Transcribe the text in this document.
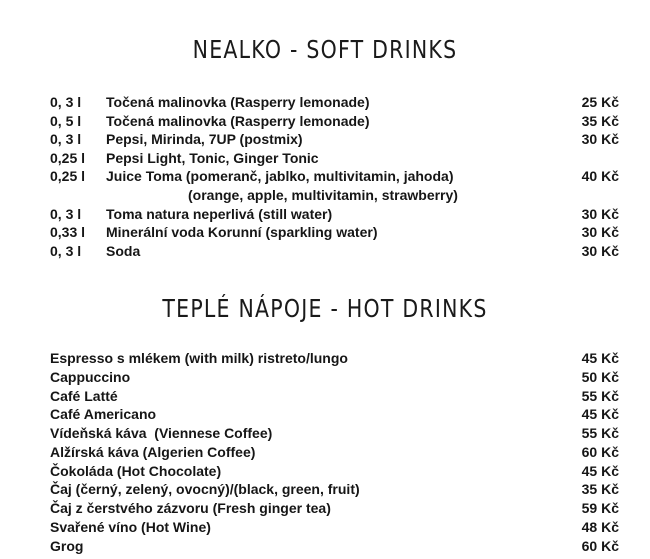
NEALKO - SOFT DRINKS
0, 3 l Točená malinovka (Rasperry lemonade)	25 Kč
0, 5 l Točená malinovka (Rasperry lemonade)	35 Kč
0, 3 l Pepsi, Mirinda, 7UP (postmix)	30 Kč
0,25 l Pepsi Light, Tonic, Ginger Tonic
0,25 l Juice Toma (pomeranč, jablko, multivitamin, jahoda)	40 Kč
(orange, apple, multivitamin, strawberry)
0, 3 l Toma natura neperlivá (still water)	30 Kč
0,33 l Minerální voda Korunní (sparkling water)	30 Kč
0, 3 l Soda	30 Kč
TEPLÉ NÁPOJE - HOT DRINKS
Espresso s mlékem (with milk) ristreto/lungo	45 Kč
Cappuccino	50 Kč
Café Latté	55 Kč
Café Americano	45 Kč
Vídeňská káva  (Viennese Coffee)	55 Kč
Alžírská káva (Algerien Coffee)	60 Kč
Čokoláda (Hot Chocolate)	45 Kč
Čaj (černý, zelený, ovocný)/(black, green, fruit)	35 Kč
Čaj z čerstvého zázvoru (Fresh ginger tea)	59 Kč
Svařené víno (Hot Wine)	48 Kč
Grog	60 Kč
